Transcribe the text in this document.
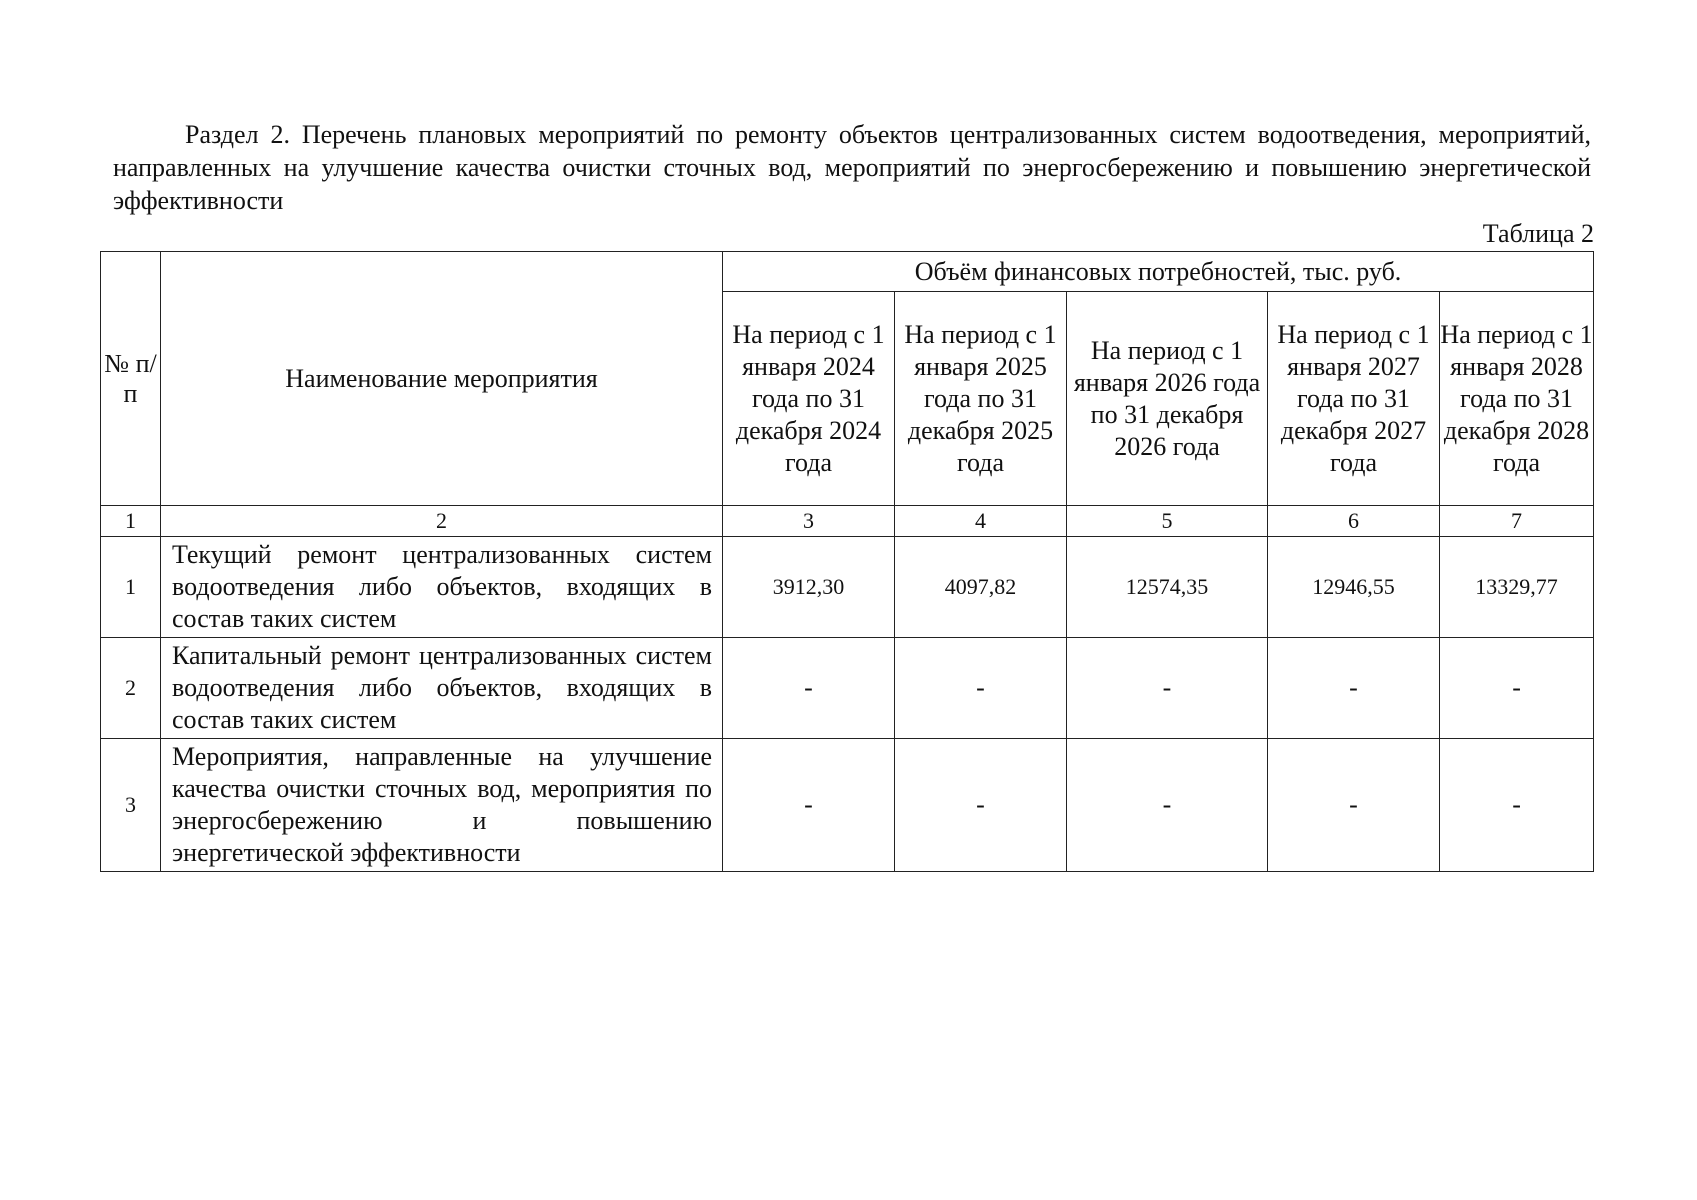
Раздел 2. Перечень плановых мероприятий по ремонту объектов централизованных систем водоотведения, мероприятий, направленных на улучшение качества очистки сточных вод, мероприятий по энергосбережению и повышению энергетической эффективности
Таблица 2
№ п/п	Наименование мероприятия	Объём финансовых потребностей, тыс. руб.				
		На период с 1 января 2024 года по 31 декабря 2024 года	На период с 1 января 2025 года по 31 декабря 2025 года	На период с 1 января 2026 года по 31 декабря 2026 года	На период с 1 января 2027 года по 31 декабря 2027 года	На период с 1 января 2028 года по 31 декабря 2028 года
1	2	3	4	5	6	7
1	Текущий ремонт централизованных систем водоотведения либо объектов, входящих в состав таких систем	3912,30	4097,82	12574,35	12946,55	13329,77
2	Капитальный ремонт централизованных систем водоотведения либо объектов, входящих в состав таких систем	-	-	-	-	-
3	Мероприятия, направленные на улучшение качества очистки сточных вод, мероприятия по энергосбережению и повышению энергетической эффективности	-	-	-	-	-
